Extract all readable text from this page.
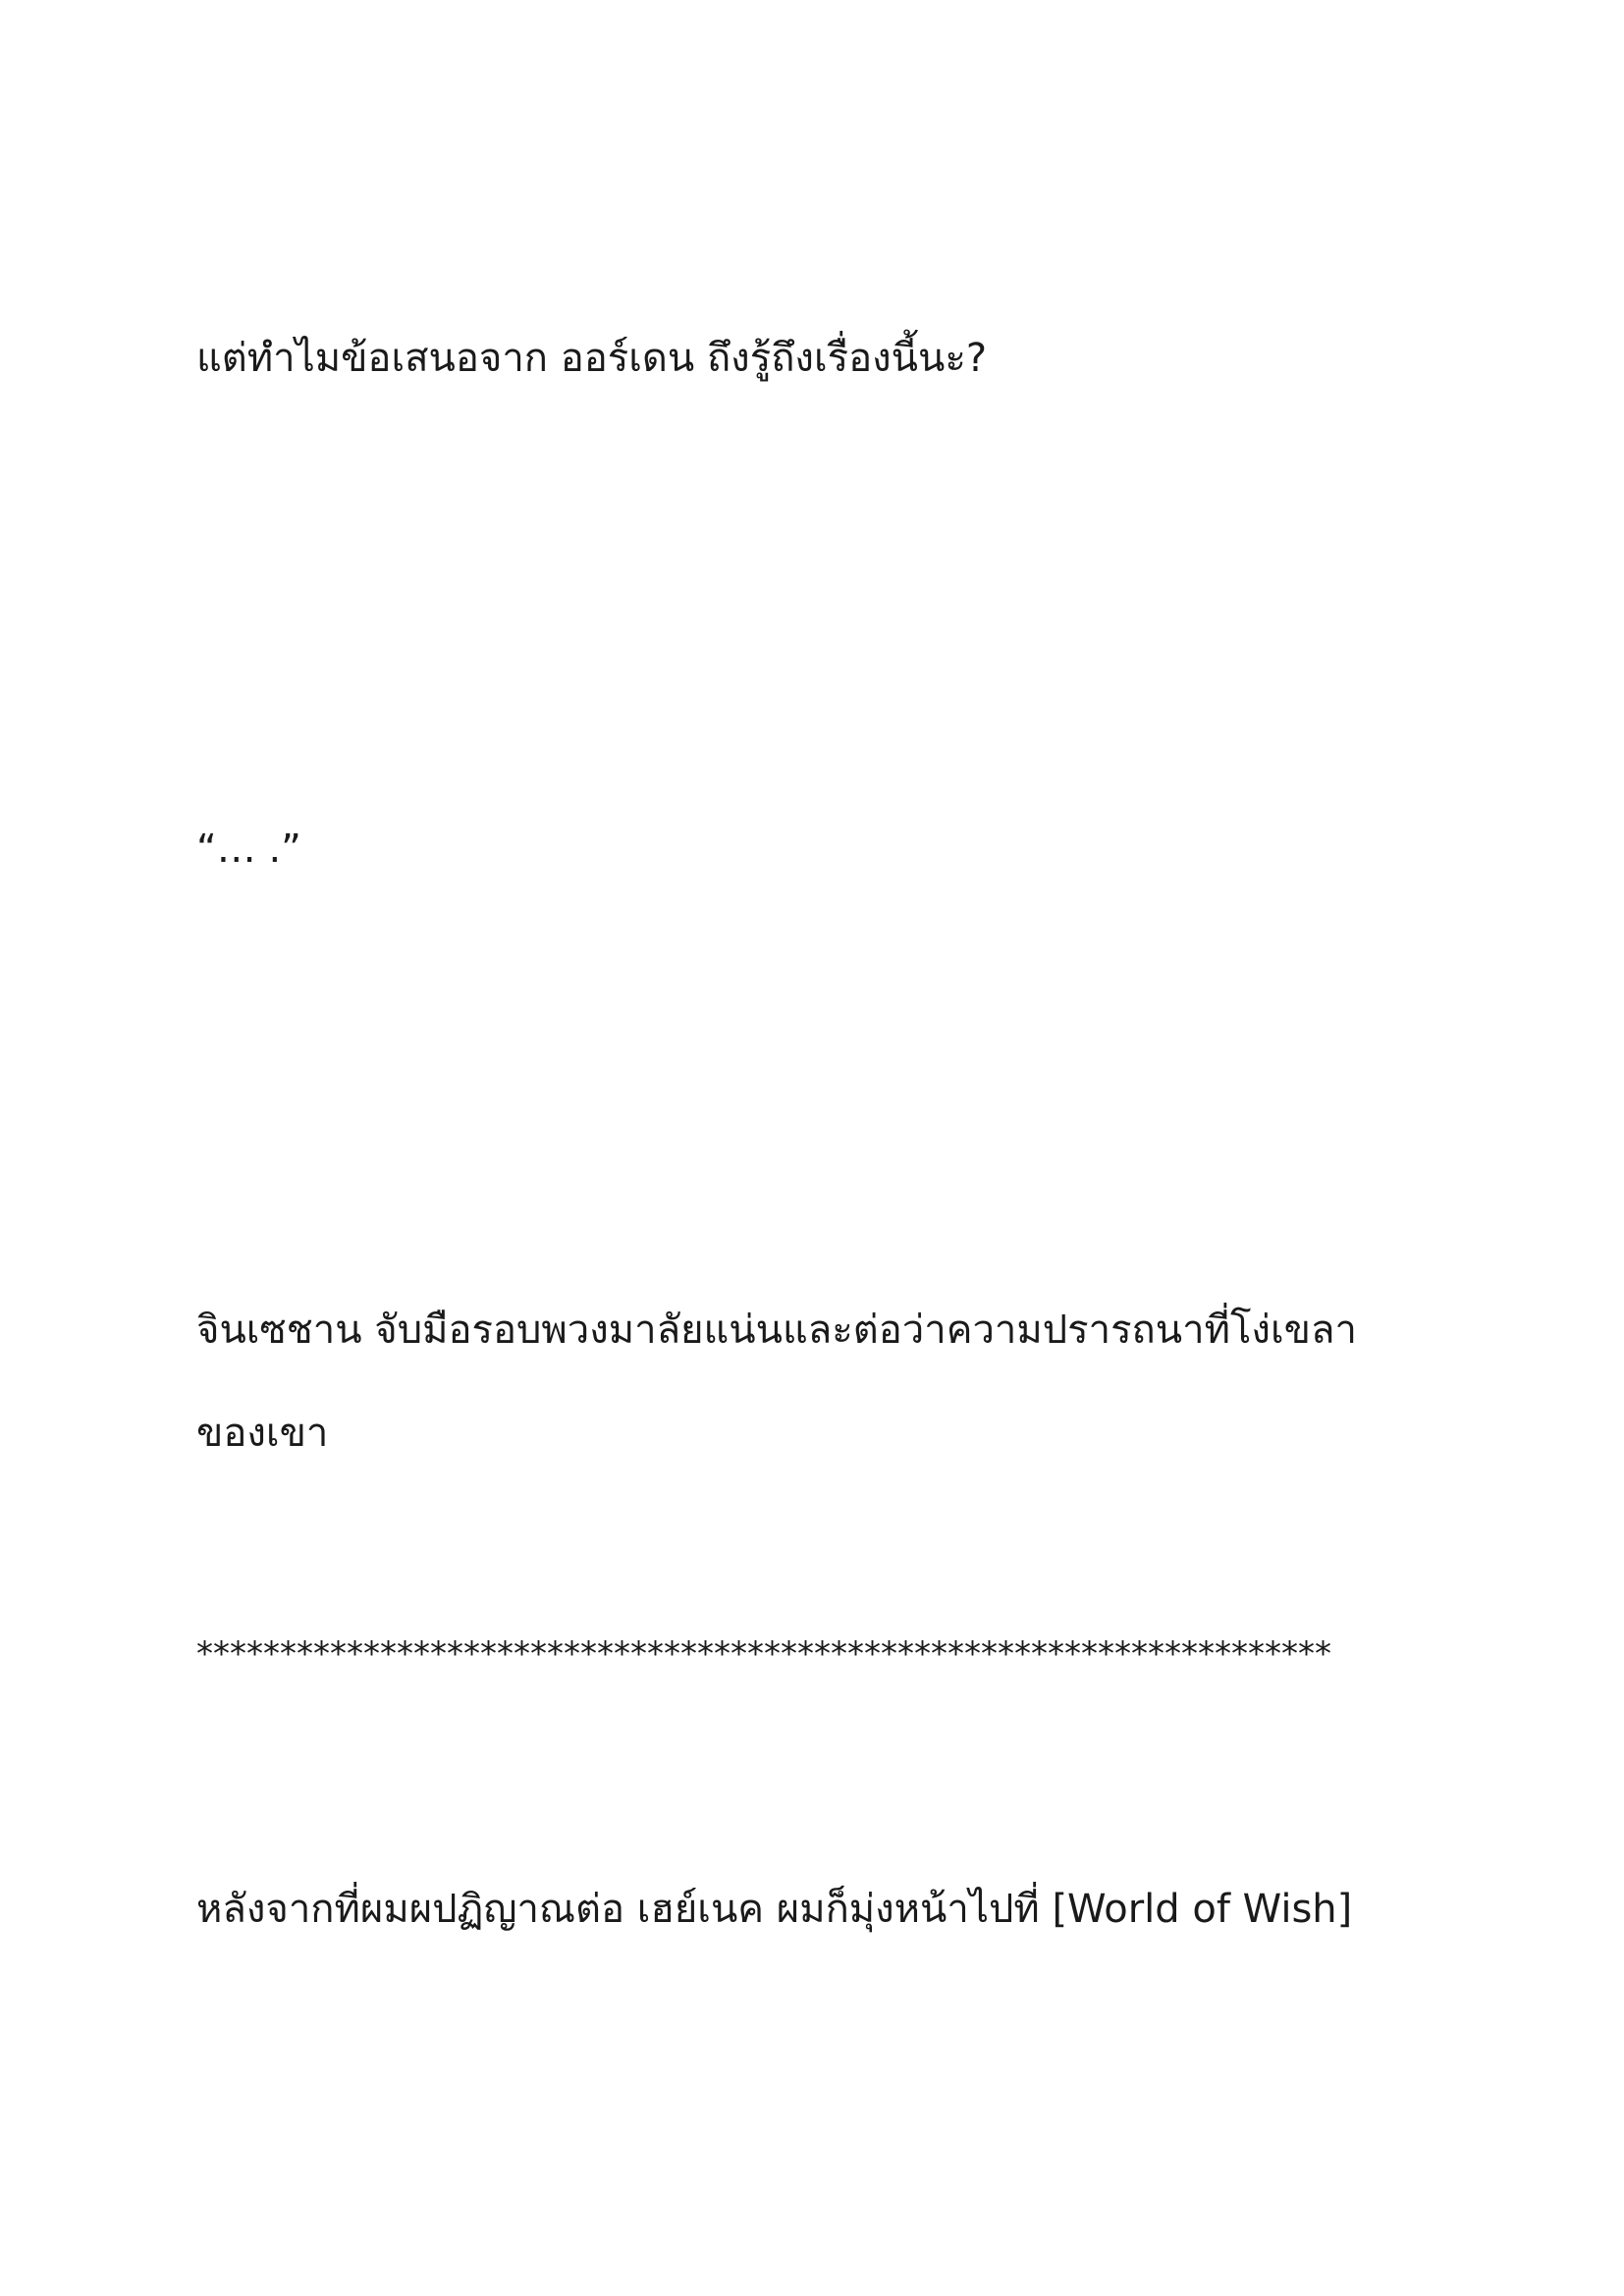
แต่ทำไมข้อเสนอจาก ออร์เดน ถึงรู้ถึงเรื่องนี้นะ?

“… .”

จินเซชาน จับมือรอบพวงมาลัยแน่นและต่อว่าความปรารถนาที่โง่เขลา

ของเขา

********************************************************************

หลังจากที่ผมผปฏิญาณต่อ เฮย์เนค ผมก็มุ่งหน้าไปที่ [World of Wish]
